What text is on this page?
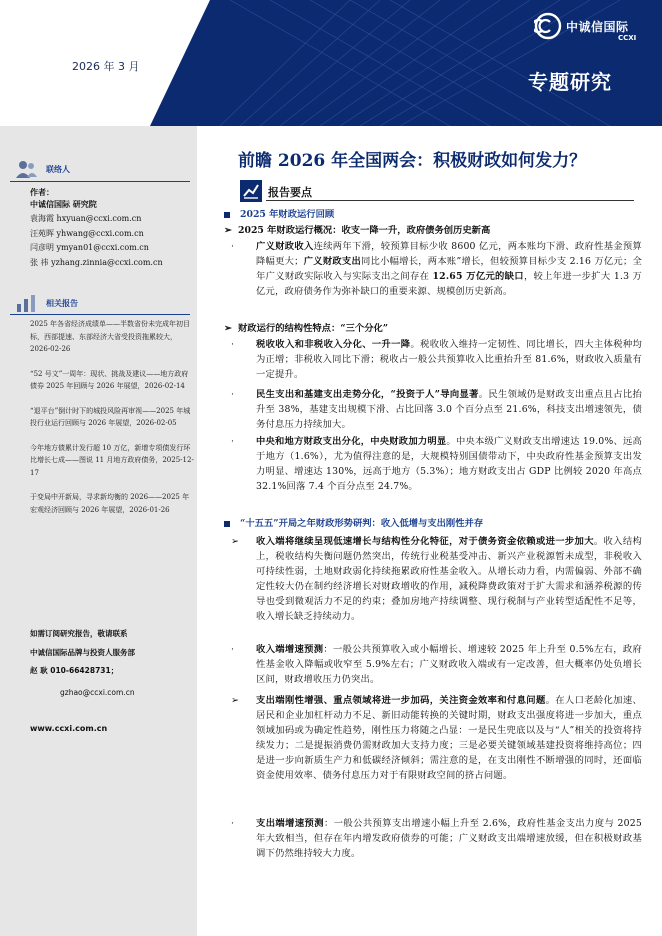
2026 年 3 月
中诚信国际
CCXI
专题研究
联络人
作者：
中诚信国际 研究院
袁海霞 hxyuan@ccxi.com.cn
汪苑晖 yhwang@ccxi.com.cn
闫彦明 ymyan01@ccxi.com.cn
张 祎 yzhang.zinnia@ccxi.com.cn
相关报告
2025 年各省经济成绩单——半数省份未完成年初目标，西部提速、东部经济大省受投资拖累较大，2026-02-26
“52 号文”一周年：现状、挑战及建议——地方政府债券 2025 年回顾与 2026 年展望，2026-02-14
“退平台”倒计时下的城投风险再审视——2025 年城投行业运行回顾与 2026 年展望，2026-02-05
今年地方债累计发行超 10 万亿，新增专项债发行环比增长七成——图说 11 月地方政府债务，2025-12-17
于变局中开新局，寻求新均衡的 2026——2025 年宏观经济回顾与 2026 年展望，2026-01-26
如需订阅研究报告，敬请联系
中诚信国际品牌与投资人服务部
赵 耿 010-66428731；
gzhao@ccxi.com.cn
www.ccxi.com.cn
前瞻 2026 年全国两会：积极财政如何发力？
报告要点
2025 年财政运行回顾
➢ 2025 年财政运行概况：收支一降一升，政府债务创历史新高
· 广义财政收入连续两年下滑，较预算目标少收 8600 亿元，两本账均下滑、政府性基金预算降幅更大；广义财政支出同比小幅增长，两本账”增长，但较预算目标少支 2.16 万亿元；全年广义财政实际收入与实际支出之间存在 12.65 万亿元的缺口，较上年进一步扩大 1.3 万亿元，政府债务作为弥补缺口的重要来源、规模创历史新高。
➢ 财政运行的结构性特点：“三个分化”
· 税收收入和非税收入分化、一升一降。税收收入维持一定韧性、同比增长，四大主体税种均为正增；非税收入同比下滑；税收占一般公共预算收入比重抬升至 81.6%，财政收入质量有一定提升。
· 民生支出和基建支出走势分化，“投资于人”导向显著。民生领域仍是财政支出重点且占比抬升至 38%，基建支出规模下滑、占比回落 3.0 个百分点至 21.6%，科技支出增速领先，债务付息压力持续加大。
· 中央和地方财政支出分化，中央财政加力明显。中央本级广义财政支出增速达 19.0%、远高于地方（1.6%），尤为值得注意的是，大规模特别国债带动下，中央政府性基金预算支出发力明显、增速达 130%，远高于地方（5.3%）；地方财政支出占 GDP 比例较 2020 年高点 32.1%回落 7.4 个百分点至 24.7%。
“十五五”开局之年财政形势研判：收入低增与支出刚性并存
➢ 收入端将继续呈现低速增长与结构性分化特征，对于债务资金依赖或进一步加大。收入结构上，税收结构失衡问题仍然突出，传统行业税基受冲击、新兴产业税源暂未成型，非税收入可持续性弱，土地财政弱化持续拖累政府性基金收入。从增长动力看，内需偏弱、外部不确定性较大仍在制约经济增长对财政增收的作用，减税降费政策对于扩大需求和涵养税源的传导也受到微观活力不足的约束；叠加房地产持续调整、现行税制与产业转型适配性不足等，收入增长缺乏持续动力。
· 收入端增速预测：一般公共预算收入或小幅增长、增速较 2025 年上升至 0.5%左右，政府性基金收入降幅或收窄至 5.9%左右；广义财政收入端或有一定改善，但大概率仍处负增长区间，财政增收压力仍突出。
➢ 支出端刚性增强、重点领域将进一步加码，关注资金效率和付息问题。在人口老龄化加速、居民和企业加杠杆动力不足、新旧动能转换的关键时期，财政支出强度将进一步加大，重点领域加码或为确定性趋势，刚性压力将随之凸显：一是民生兜底以及与“人”相关的投资将持续发力；二是提振消费仍需财政加大支持力度；三是必要关键领域基建投资将维持高位；四是进一步向新质生产力和低碳经济倾斜；需注意的是，在支出刚性不断增强的同时，还面临资金使用效率、债务付息压力对于有限财政空间的挤占问题。
· 支出端增速预测：一般公共预算支出增速小幅上升至 2.6%，政府性基金支出力度与 2025 年大致相当，但存在年内增发政府债券的可能；广义财政支出端增速放缓，但在积极财政基调下仍然维持较大力度。
